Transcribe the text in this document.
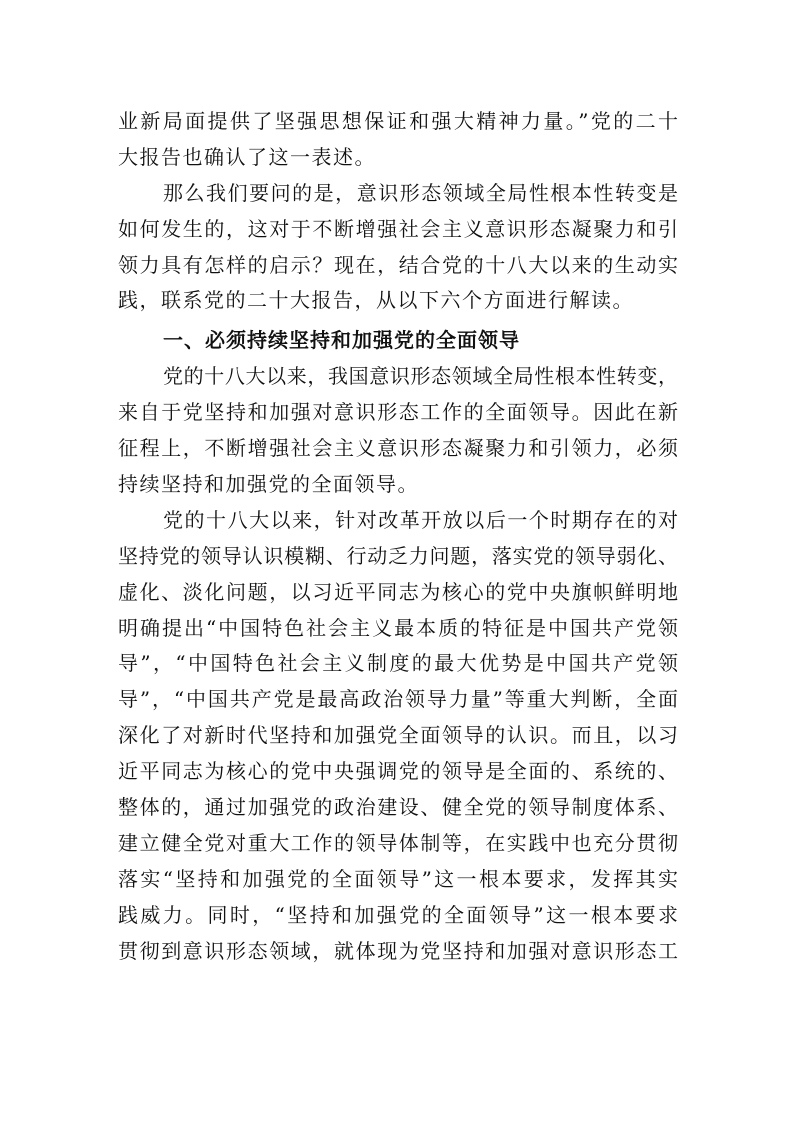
业新局面提供了坚强思想保证和强大精神力量。”党的二十
大报告也确认了这一表述。
那么我们要问的是，意识形态领域全局性根本性转变是
如何发生的，这对于不断增强社会主义意识形态凝聚力和引
领力具有怎样的启示？现在，结合党的十八大以来的生动实
践，联系党的二十大报告，从以下六个方面进行解读。
一、必须持续坚持和加强党的全面领导
党的十八大以来，我国意识形态领域全局性根本性转变，
来自于党坚持和加强对意识形态工作的全面领导。因此在新
征程上，不断增强社会主义意识形态凝聚力和引领力，必须
持续坚持和加强党的全面领导。
党的十八大以来，针对改革开放以后一个时期存在的对
坚持党的领导认识模糊、行动乏力问题，落实党的领导弱化、
虚化、淡化问题，以习近平同志为核心的党中央旗帜鲜明地
明确提出“中国特色社会主义最本质的特征是中国共产党领
导”，“中国特色社会主义制度的最大优势是中国共产党领
导”，“中国共产党是最高政治领导力量”等重大判断，全面
深化了对新时代坚持和加强党全面领导的认识。而且，以习
近平同志为核心的党中央强调党的领导是全面的、系统的、
整体的，通过加强党的政治建设、健全党的领导制度体系、
建立健全党对重大工作的领导体制等，在实践中也充分贯彻
落实“坚持和加强党的全面领导”这一根本要求，发挥其实
践威力。同时，“坚持和加强党的全面领导”这一根本要求
贯彻到意识形态领域，就体现为党坚持和加强对意识形态工
